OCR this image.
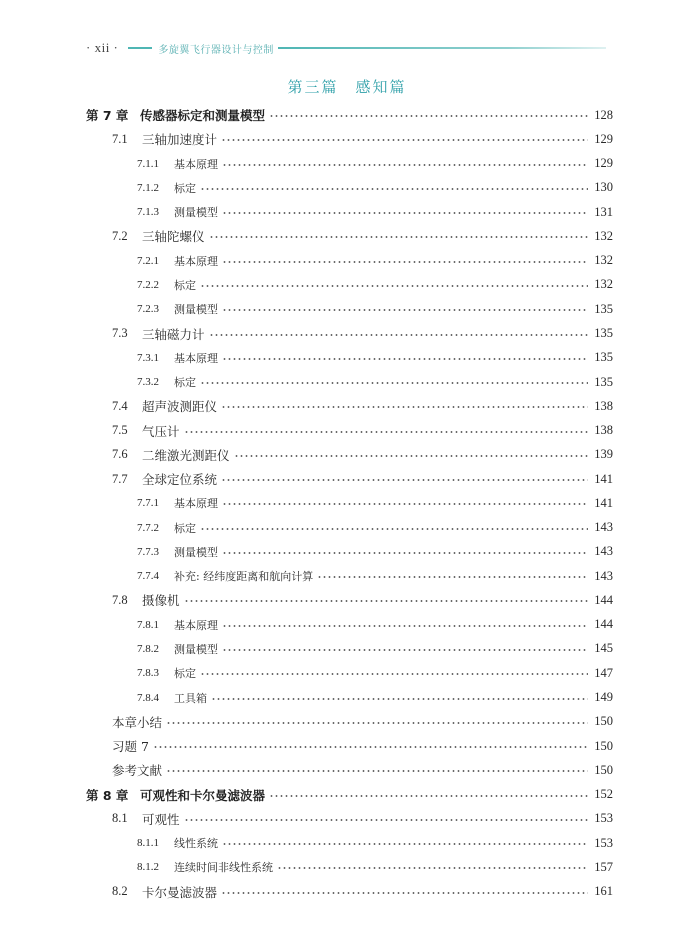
· xii ·	多旋翼飞行器设计与控制
第三篇　感知篇
第 7 章 传感器标定和测量模型	128
7.1	三轴加速度计	129
7.1.1	基本原理	129
7.1.2	标定	130
7.1.3	测量模型	131
7.2	三轴陀螺仪	132
7.2.1	基本原理	132
7.2.2	标定	132
7.2.3	测量模型	135
7.3	三轴磁力计	135
7.3.1	基本原理	135
7.3.2	标定	135
7.4	超声波测距仪	138
7.5	气压计	138
7.6	二维激光测距仪	139
7.7	全球定位系统	141
7.7.1	基本原理	141
7.7.2	标定	143
7.7.3	测量模型	143
7.7.4	补充: 经纬度距离和航向计算	143
7.8	摄像机	144
7.8.1	基本原理	144
7.8.2	测量模型	145
7.8.3	标定	147
7.8.4	工具箱	149
本章小结	150
习题 7	150
参考文献	150
第 8 章 可观性和卡尔曼滤波器	152
8.1	可观性	153
8.1.1	线性系统	153
8.1.2	连续时间非线性系统	157
8.2	卡尔曼滤波器	161
